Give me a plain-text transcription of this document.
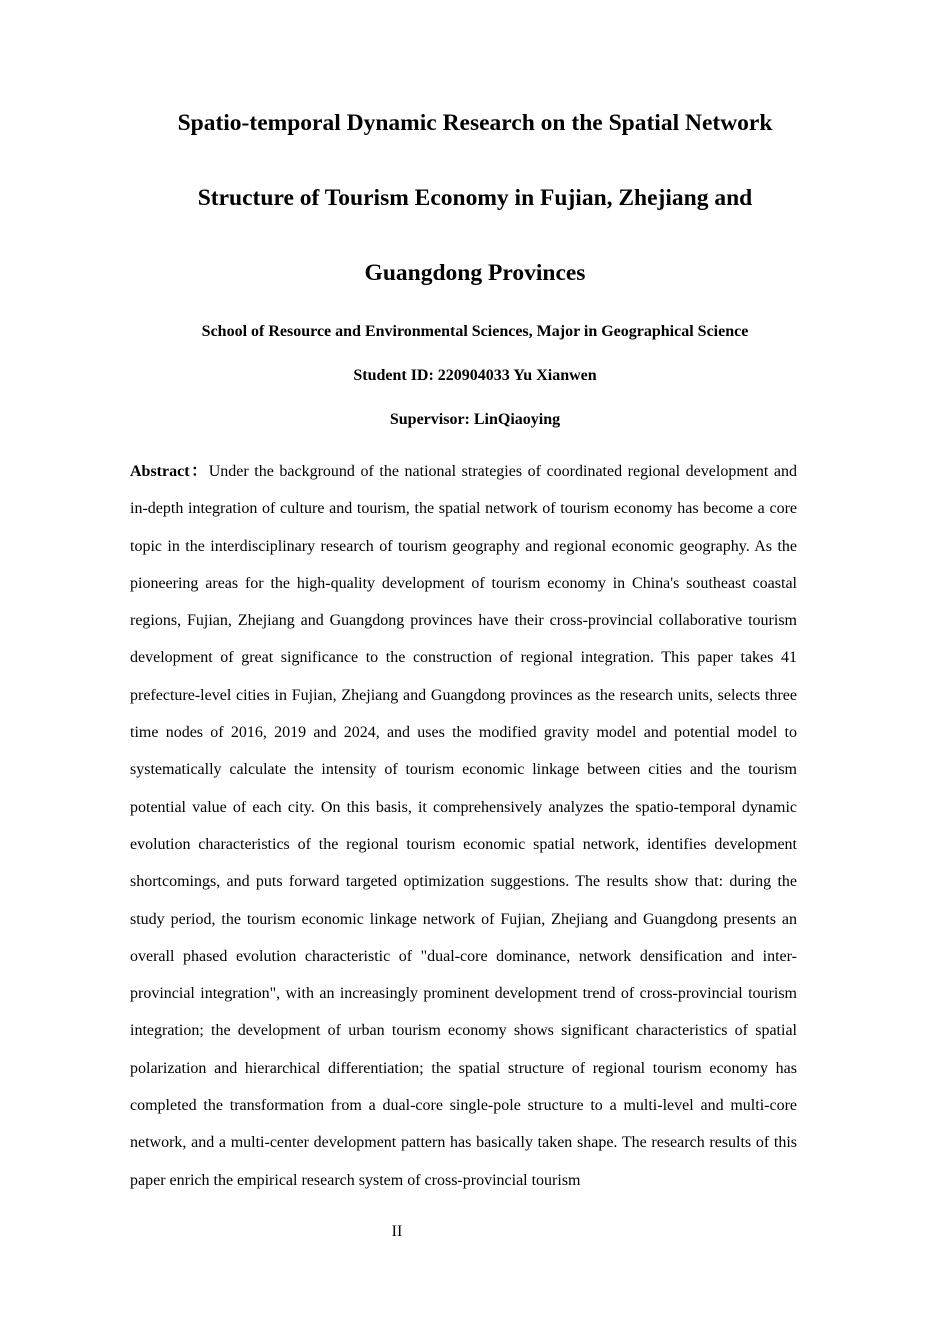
Spatio-temporal Dynamic Research on the Spatial Network
Structure of Tourism Economy in Fujian, Zhejiang and
Guangdong Provinces
School of Resource and Environmental Sciences, Major in Geographical Science
Student ID: 220904033 Yu Xianwen
Supervisor: LinQiaoying

Abstract：Under the background of the national strategies of coordinated regional development and in-depth integration of culture and tourism, the spatial network of tourism economy has become a core topic in the interdisciplinary research of tourism geography and regional economic geography. As the pioneering areas for the high-quality development of tourism economy in China's southeast coastal regions, Fujian, Zhejiang and Guangdong provinces have their cross-provincial collaborative tourism development of great significance to the construction of regional integration. This paper takes 41 prefecture-level cities in Fujian, Zhejiang and Guangdong provinces as the research units, selects three time nodes of 2016, 2019 and 2024, and uses the modified gravity model and potential model to systematically calculate the intensity of tourism economic linkage between cities and the tourism potential value of each city. On this basis, it comprehensively analyzes the spatio-temporal dynamic evolution characteristics of the regional tourism economic spatial network, identifies development shortcomings, and puts forward targeted optimization suggestions. The results show that: during the study period, the tourism economic linkage network of Fujian, Zhejiang and Guangdong presents an overall phased evolution characteristic of "dual-core dominance, network densification and inter-provincial integration", with an increasingly prominent development trend of cross-provincial tourism integration; the development of urban tourism economy shows significant characteristics of spatial polarization and hierarchical differentiation; the spatial structure of regional tourism economy has completed the transformation from a dual-core single-pole structure to a multi-level and multi-core network, and a multi-center development pattern has basically taken shape. The research results of this paper enrich the empirical research system of cross-provincial tourism

II
